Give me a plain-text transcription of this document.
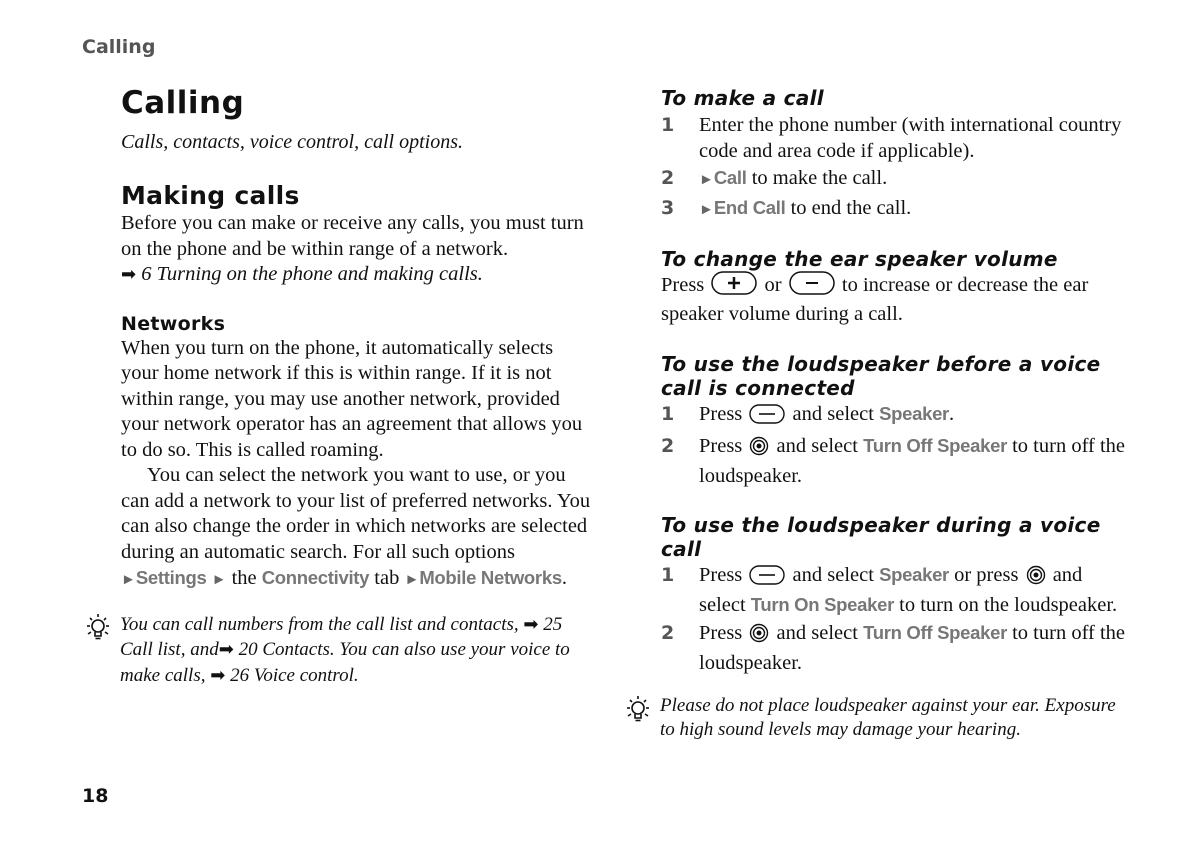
Calling
Calling

Calls, contacts, voice control, call options.

Making calls

Before you can make or receive any calls, you must turn on the phone and be within range of a network.
➡ 6 Turning on the phone and making calls.

Networks

When you turn on the phone, it automatically selects your home network if this is within range. If it is not within range, you may use another network, provided your network operator has an agreement that allows you to do so. This is called roaming.

You can select the network you want to use, or you can add a network to your list of preferred networks. You can also change the order in which networks are selected during an automatic search. For all such options ►Settings ► the Connectivity tab ►Mobile Networks.

You can call numbers from the call list and contacts, ➡ 25 Call list, and➡ 20 Contacts. You can also use your voice to make calls, ➡ 26 Voice control.
To make a call
1	Enter the phone number (with international country code and area code if applicable).
2	►Call to make the call.
3	►End Call to end the call.
To change the ear speaker volume

Press	or	to increase or decrease the ear speaker volume during a call.

To use the loudspeaker before a voice call is connected
1	Press and select Speaker.
2	Press and select Turn Off Speaker to turn off the loudspeaker.
To use the loudspeaker during a voice call
1	Press and select Speaker or press and select Turn On Speaker to turn on the loudspeaker.
2	Press and select Turn Off Speaker to turn off the loudspeaker.
Please do not place loudspeaker against your ear. Exposure to high sound levels may damage your hearing.
18
